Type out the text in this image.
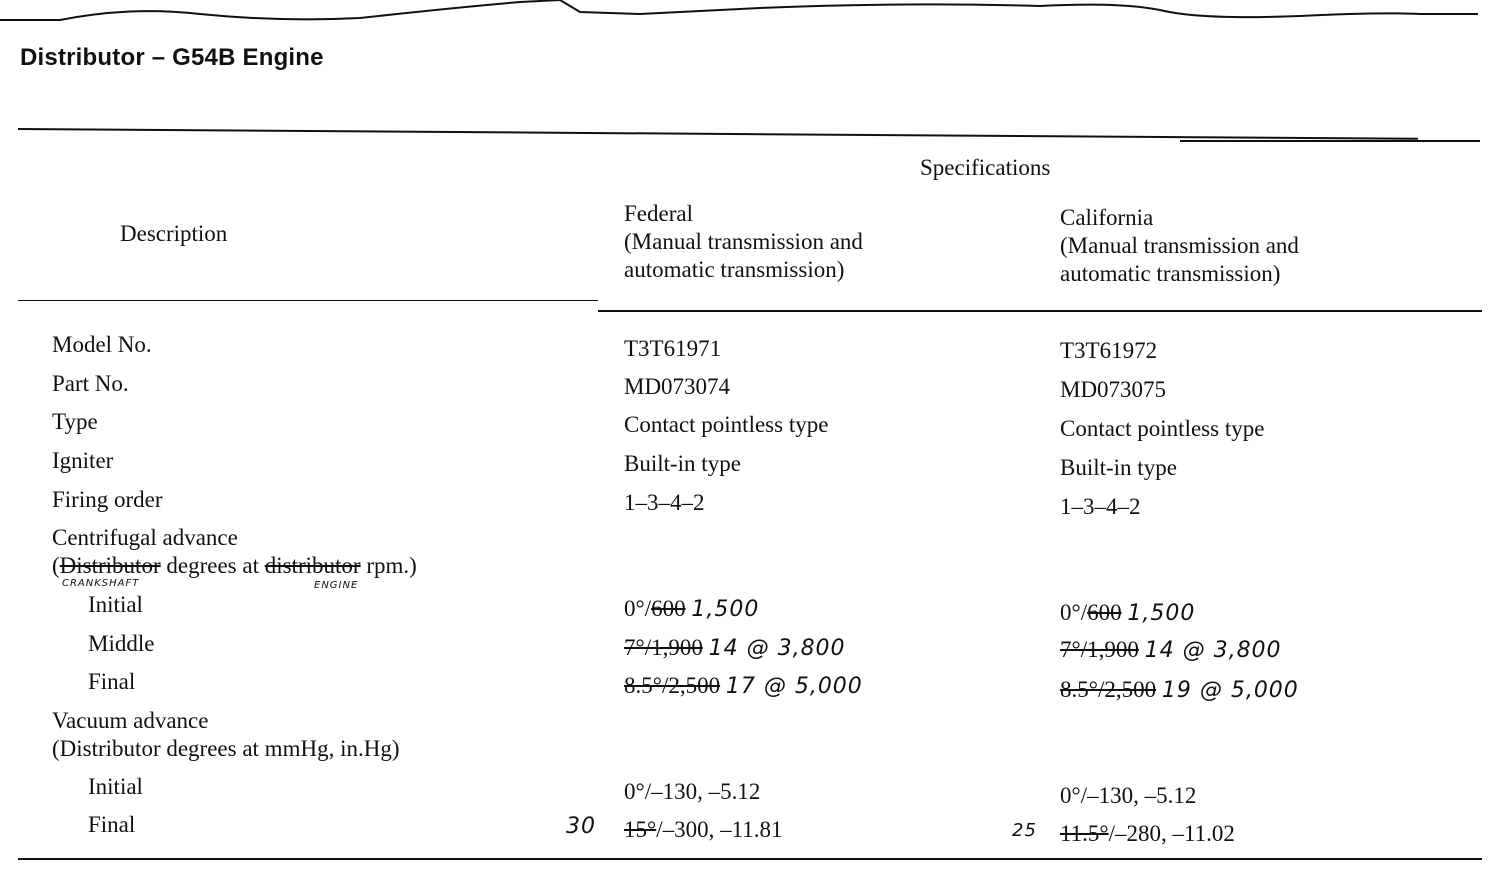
Distributor – G54B Engine
Specifications
Description
Federal
(Manual transmission and
automatic transmission)
California
(Manual transmission and
automatic transmission)
Model No.	T3T61971	T3T61972
Part No.	MD073074	MD073075
Type	Contact pointless type	Contact pointless type
Igniter	Built-in type	Built-in type
Firing order	1–3–4–2	1–3–4–2
Centrifugal advance
(Distributor degrees at distributor rpm.)
CRANKSHAFT	ENGINE
Initial	0°/600 1,500	0°/600 1,500
Middle	7°/1,900 14 @ 3,800	7°/1,900 14 @ 3,800
Final	8.5°/2,500 17 @ 5,000	8.5°/2,500 19 @ 5,000
Vacuum advance
(Distributor degrees at mmHg, in.Hg)
Initial	0°/–130, –5.12	0°/–130, –5.12
Final	30 15°/–300, –11.81	25 11.5°/–280, –11.02
